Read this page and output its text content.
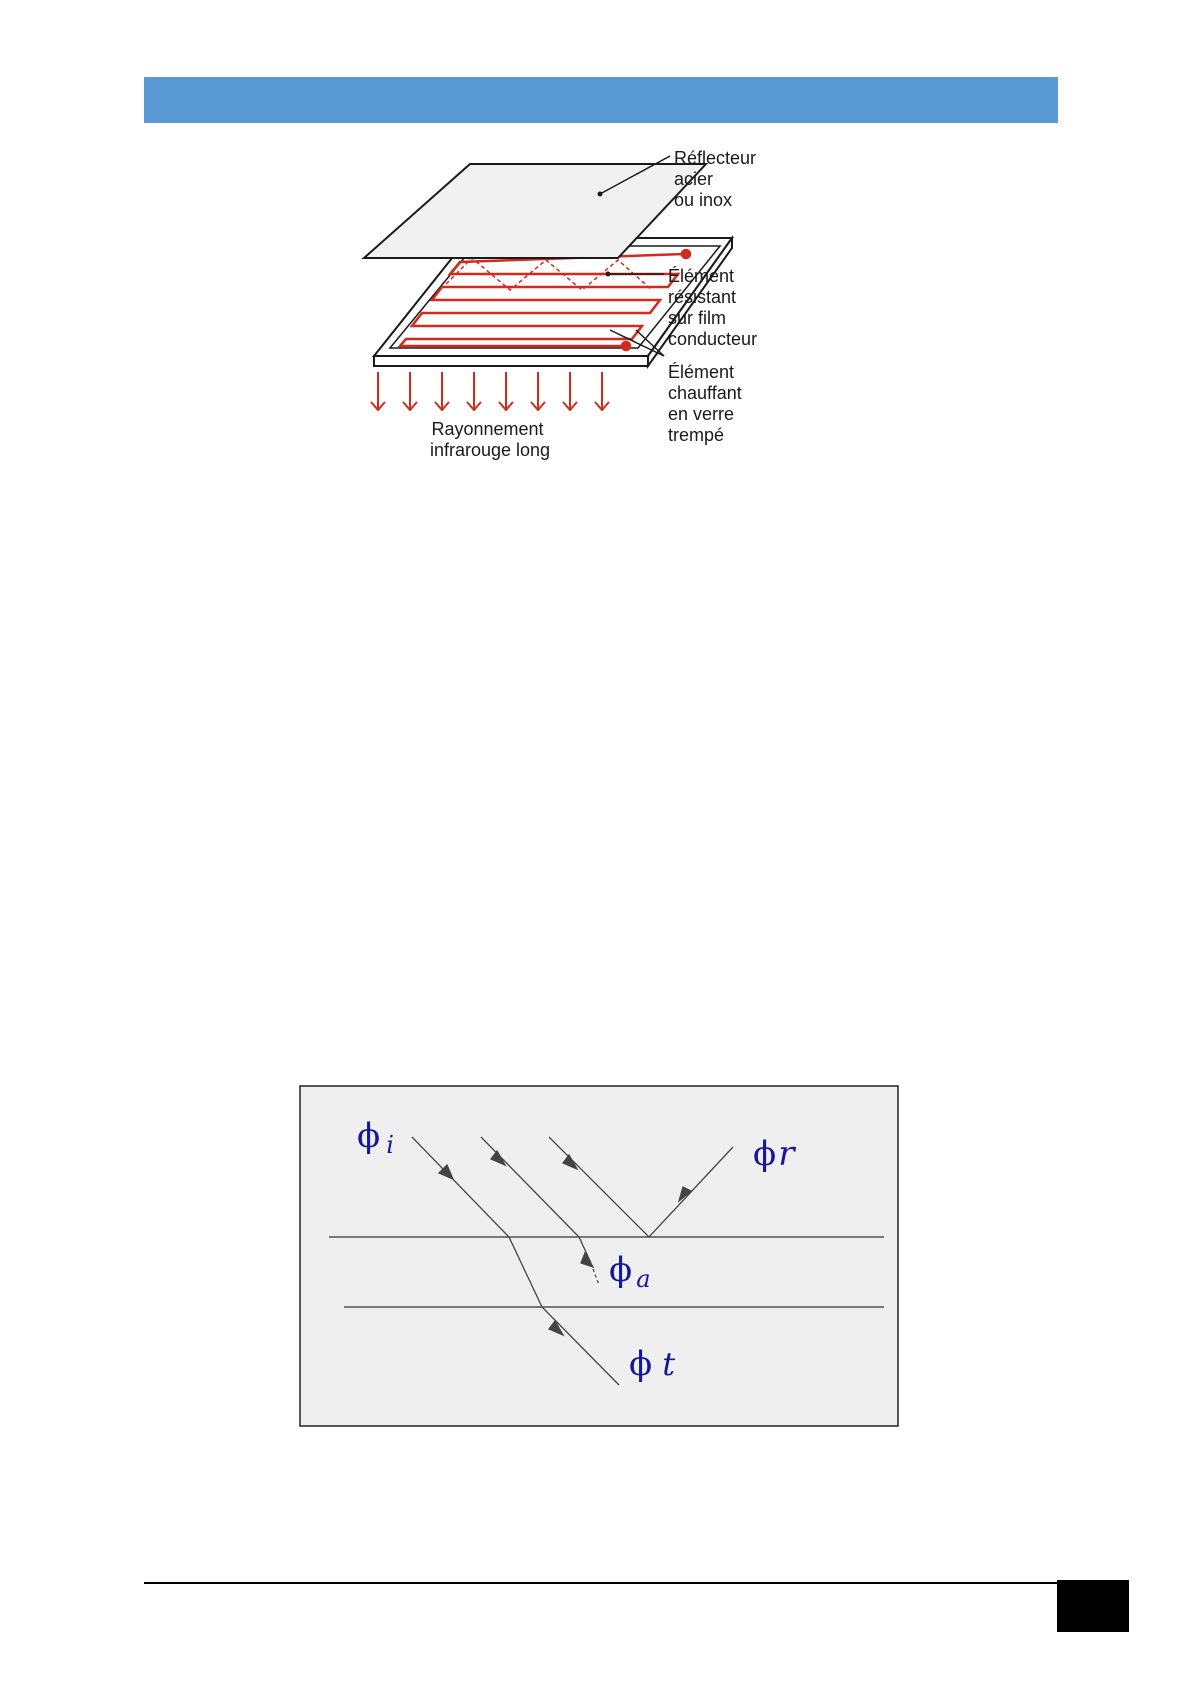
Réflecteur acier ou inox
Élément résistant sur film conducteur
Élément chauffant en verre trempé
Rayonnement infrarouge long
ϕ i	ϕr
ϕ a
ϕ t
